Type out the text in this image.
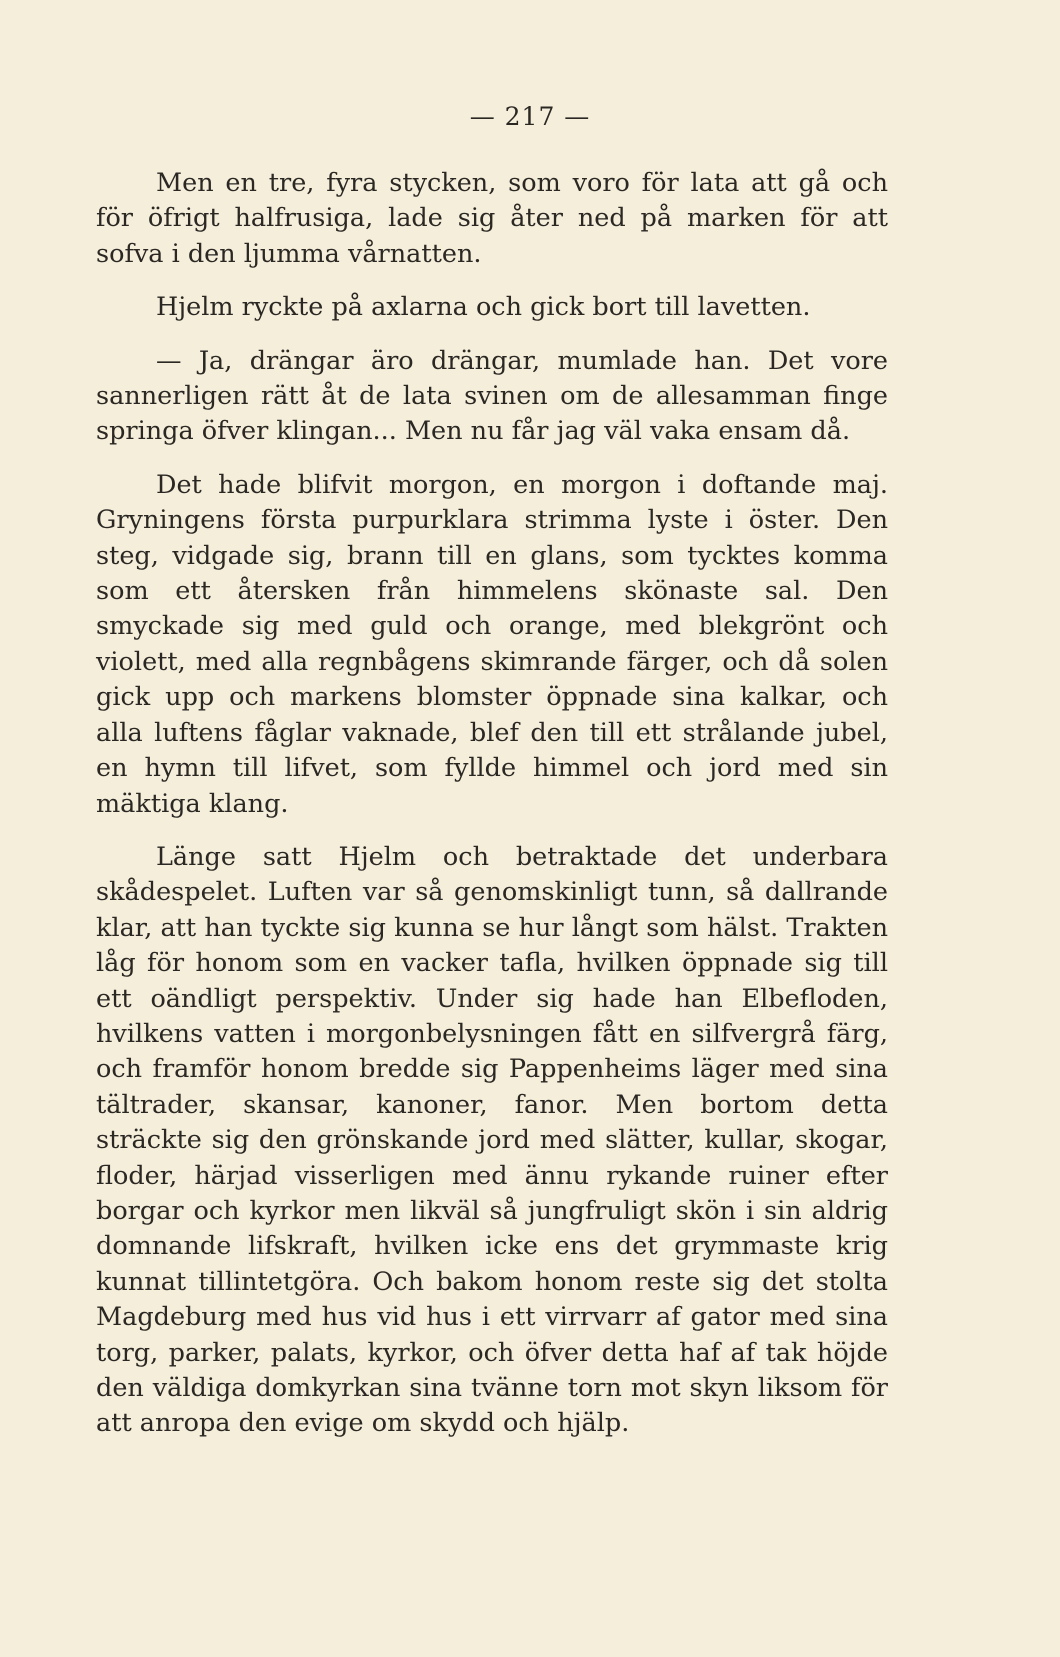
— 217 —

Men en tre, fyra stycken, som voro för lata att gå och för öfrigt halfrusiga, lade sig åter ned på marken för att sofva i den ljumma vårnatten.

Hjelm ryckte på axlarna och gick bort till lavetten.

— Ja, drängar äro drängar, mumlade han. Det vore sannerligen rätt åt de lata svinen om de allesamman finge springa öfver klingan... Men nu får jag väl vaka ensam då.

Det hade blifvit morgon, en morgon i doftande maj. Gryningens första purpurklara strimma lyste i öster. Den steg, vidgade sig, brann till en glans, som tycktes komma som ett återsken från himmelens skönaste sal. Den smyckade sig med guld och orange, med blekgrönt och violett, med alla regnbågens skimrande färger, och då solen gick upp och markens blomster öppnade sina kalkar, och alla luftens fåglar vaknade, blef den till ett strålande jubel, en hymn till lifvet, som fyllde himmel och jord med sin mäktiga klang.

Länge satt Hjelm och betraktade det underbara skådespelet. Luften var så genomskinligt tunn, så dallrande klar, att han tyckte sig kunna se hur långt som hälst. Trakten låg för honom som en vacker tafla, hvilken öppnade sig till ett oändligt perspektiv. Under sig hade han Elbefloden, hvilkens vatten i morgonbelysningen fått en silfvergrå färg, och framför honom bredde sig Pappenheims läger med sina tältrader, skansar, kanoner, fanor. Men bortom detta sträckte sig den grönskande jord med slätter, kullar, skogar, floder, härjad visserligen med ännu rykande ruiner efter borgar och kyrkor men likväl så jungfruligt skön i sin aldrig domnande lifskraft, hvilken icke ens det grymmaste krig kunnat tillintetgöra. Och bakom honom reste sig det stolta Magdeburg med hus vid hus i ett virrvarr af gator med sina torg, parker, palats, kyrkor, och öfver detta haf af tak höjde den väldiga domkyrkan sina tvänne torn mot skyn liksom för att anropa den evige om skydd och hjälp.
